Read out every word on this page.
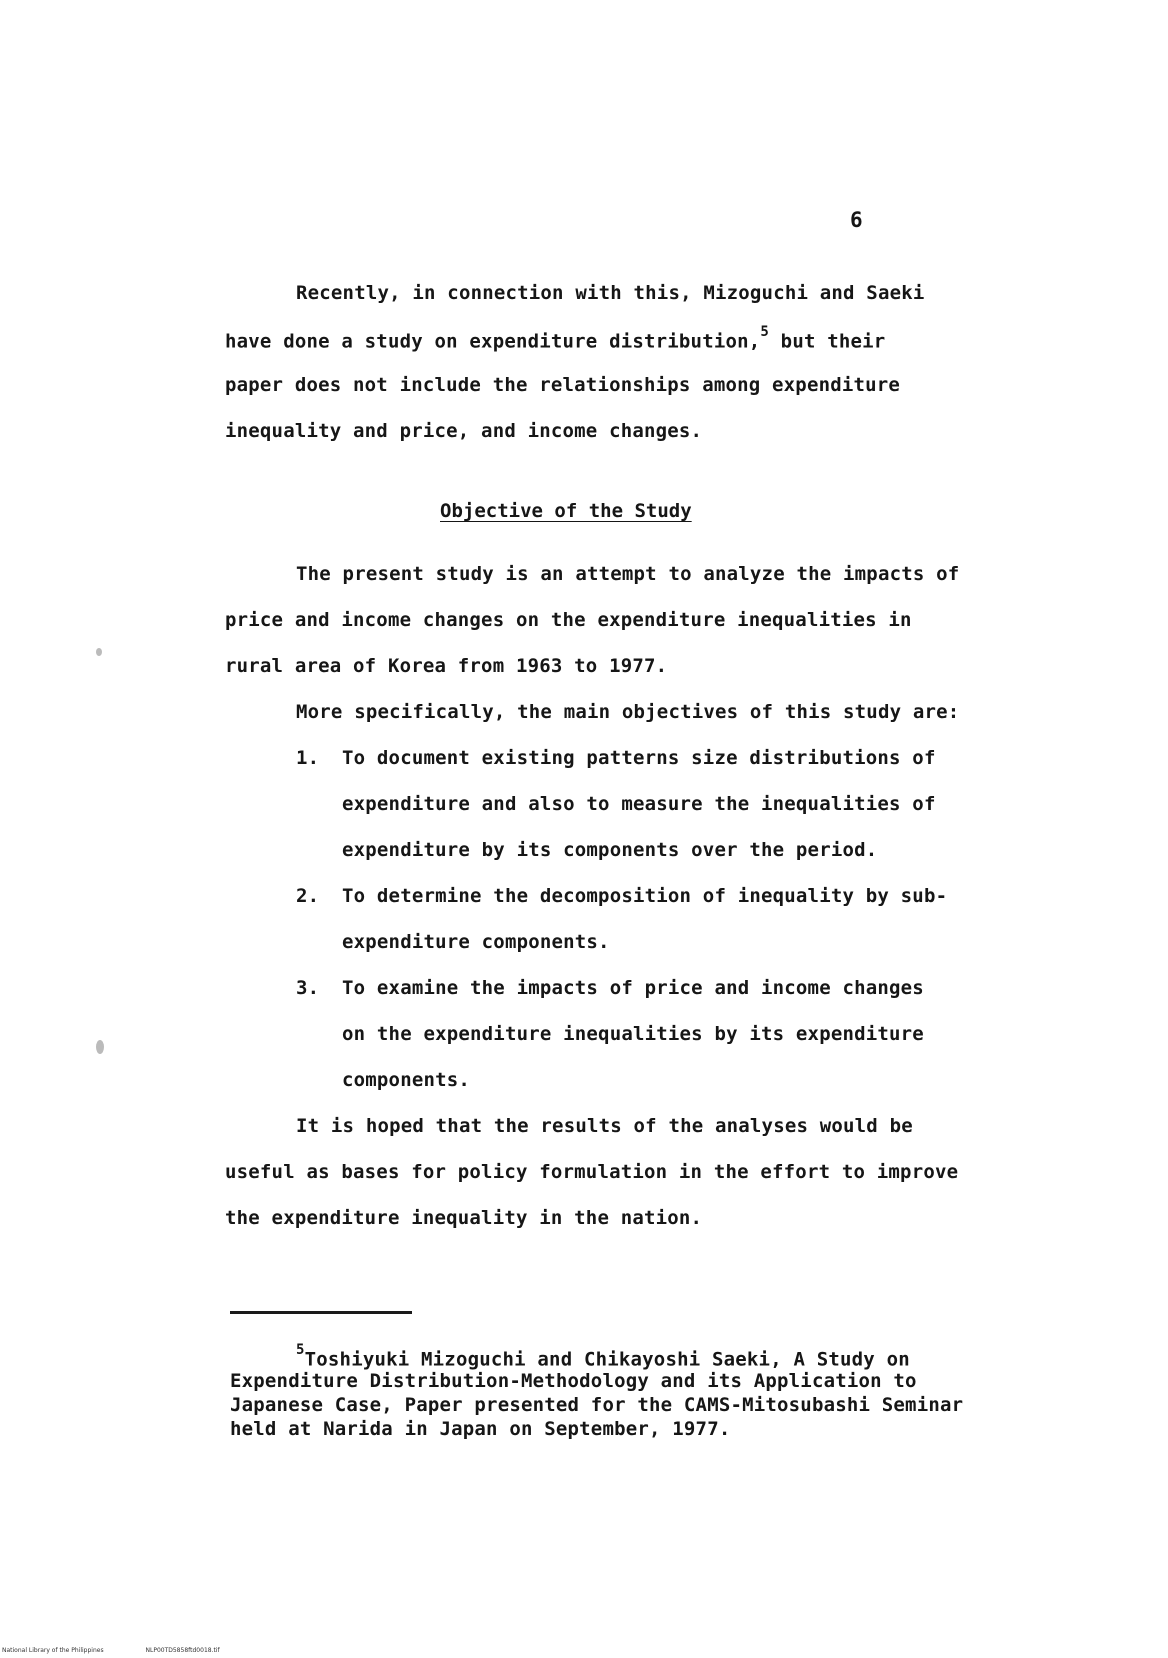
6
Recently, in connection with this, Mizoguchi and Saeki
have done a study on expenditure distribution,$^5$ but their
paper does not include the relationships among expenditure
inequality and price, and income changes.
Objective of the Study
The present study is an attempt to analyze the impacts of
price and income changes on the expenditure inequalities in
rural area of Korea from 1963 to 1977.
More specifically, the main objectives of this study are:
1. To document existing patterns size distributions of
expenditure and also to measure the inequalities of
expenditure by its components over the period.
2. To determine the decomposition of inequality by sub-
expenditure components.
3. To examine the impacts of price and income changes
on the expenditure inequalities by its expenditure
components.
It is hoped that the results of the analyses would be
useful as bases for policy formulation in the effort to improve
the expenditure inequality in the nation.
$^5$Toshiyuki Mizoguchi and Chikayoshi Saeki, A Study on
Expenditure Distribution-Methodology and its Application to
Japanese Case, Paper presented for the CAMS-Mitosubashi Seminar
held at Narida in Japan on September, 1977.
National Library of the Philippines	NLP00TD5858ftd0018.tif
